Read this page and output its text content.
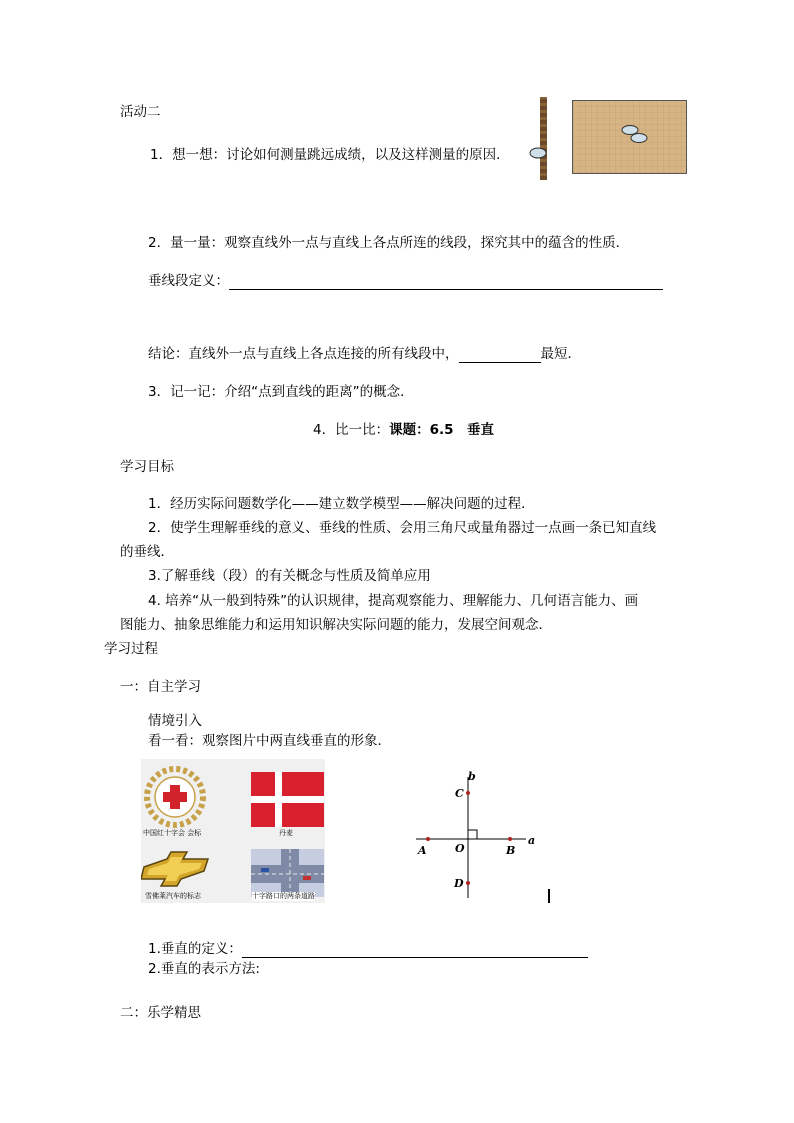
活动二
1．想一想：讨论如何测量跳远成绩，以及这样测量的原因．
2．量一量：观察直线外一点与直线上各点所连的线段，探究其中的蕴含的性质．
垂线段定义：
结论：直线外一点与直线上各点连接的所有线段中，	最短．
3．记一记：介绍“点到直线的距离”的概念．
4．比一比：课题：6.5　垂直
学习目标
1．经历实际问题数学化——建立数学模型——解决问题的过程．
2．使学生理解垂线的意义、垂线的性质、会用三角尺或量角器过一点画一条已知直线
的垂线．
3.了解垂线（段）的有关概念与性质及简单应用
4. 培养“从一般到特殊”的认识规律，提高观察能力、理解能力、几何语言能力、画
图能力、抽象思维能力和运用知识解决实际问题的能力，发展空间观念．
学习过程
一：自主学习
情境引入
看一看：观察图片中两直线垂直的形象．
中国红十字会 会标	丹麦
雪佛莱汽车的标志	十字路口的两条道路
b
C
a
A	O	B
D
1.垂直的定义：
2.垂直的表示方法:
二：乐学精思
